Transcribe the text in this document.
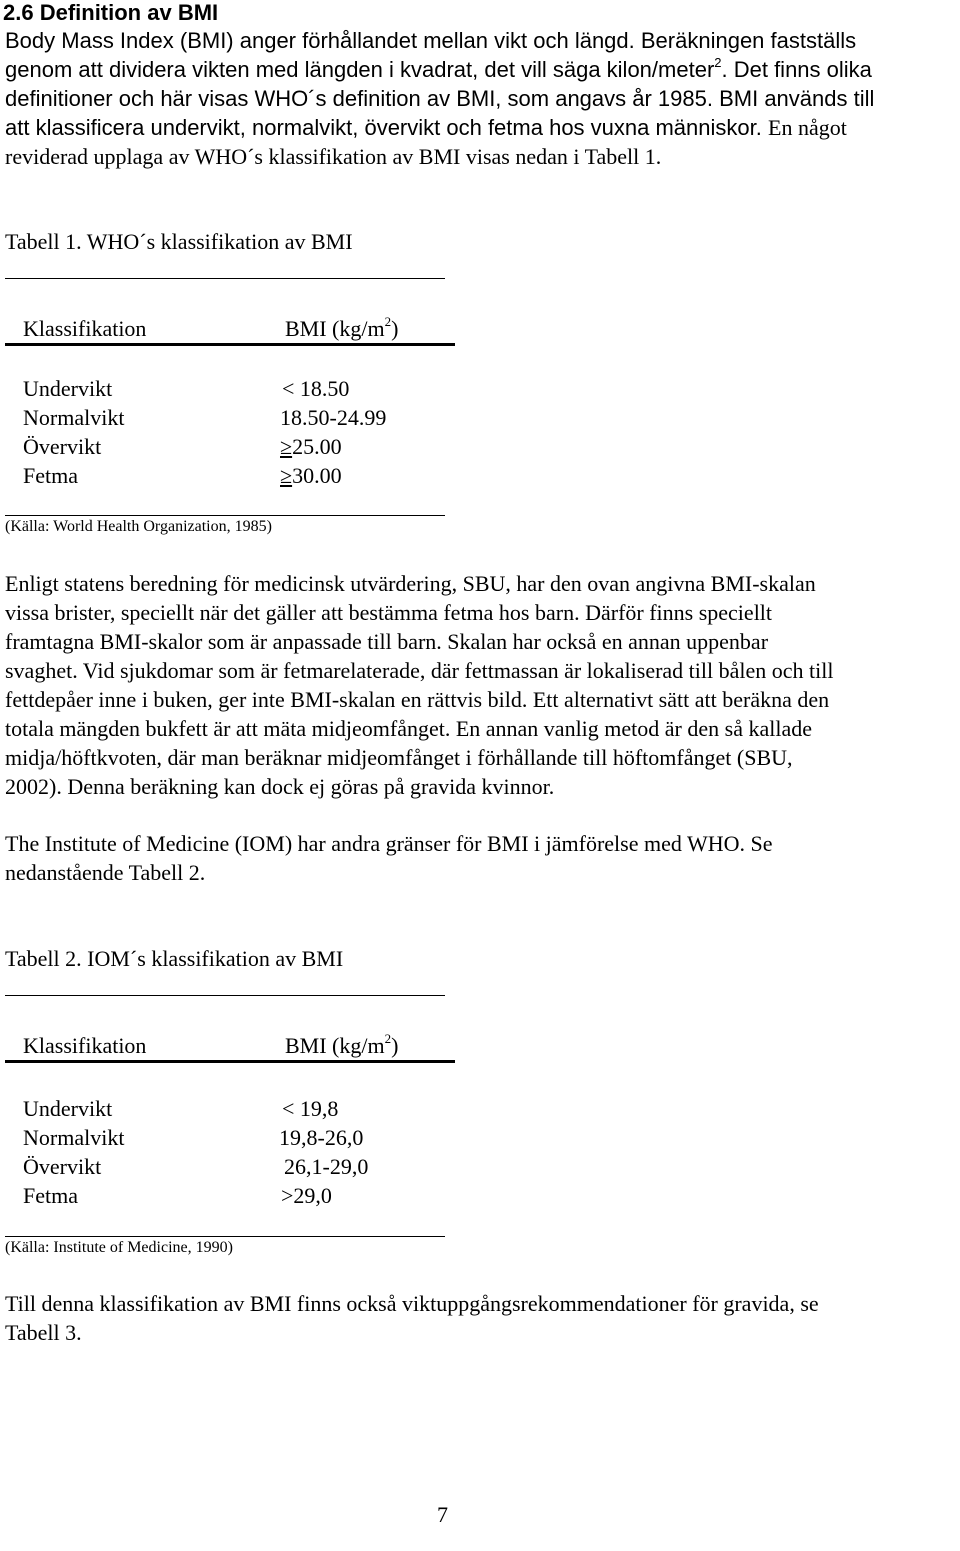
2.6 Definition av BMI
Body Mass Index (BMI) anger förhållandet mellan vikt och längd. Beräkningen fastställs
genom att dividera vikten med längden i kvadrat, det vill säga kilon/meter$^2$. Det finns olika
definitioner och här visas WHO´s definition av BMI, som angavs år 1985. BMI används till
att klassificera undervikt, normalvikt, övervikt och fetma hos vuxna människor. En något
reviderad upplaga av WHO´s klassifikation av BMI visas nedan i Tabell 1.
Tabell 1. WHO´s klassifikation av BMI
Klassifikation	BMI $(kg/m^2)$
Undervikt	< 18.50
Normalvikt	18.50-24.99
Övervikt	≥25.00
Fetma	≥30.00
(Källa: World Health Organization, 1985)
Enligt statens beredning för medicinsk utvärdering, SBU, har den ovan angivna BMI-skalan
vissa brister, speciellt när det gäller att bestämma fetma hos barn. Därför finns speciellt
framtagna BMI-skalor som är anpassade till barn. Skalan har också en annan uppenbar
svaghet. Vid sjukdomar som är fetmarelaterade, där fettmassan är lokaliserad till bålen och till
fettdepåer inne i buken, ger inte BMI-skalan en rättvis bild. Ett alternativt sätt att beräkna den
totala mängden bukfett är att mäta midjeomfånget. En annan vanlig metod är den så kallade
midja/höftkvoten, där man beräknar midjeomfånget i förhållande till höftomfånget (SBU,
2002). Denna beräkning kan dock ej göras på gravida kvinnor.
The Institute of Medicine (IOM) har andra gränser för BMI i jämförelse med WHO. Se
nedanstående Tabell 2.
Tabell 2. IOM´s klassifikation av BMI
Klassifikation	BMI $(kg/m^2)$
Undervikt	< 19,8
Normalvikt	19,8-26,0
Övervikt	26,1-29,0
Fetma	>29,0
(Källa: Institute of Medicine, 1990)
Till denna klassifikation av BMI finns också viktuppgångsrekommendationer för gravida, se
Tabell 3.
7
